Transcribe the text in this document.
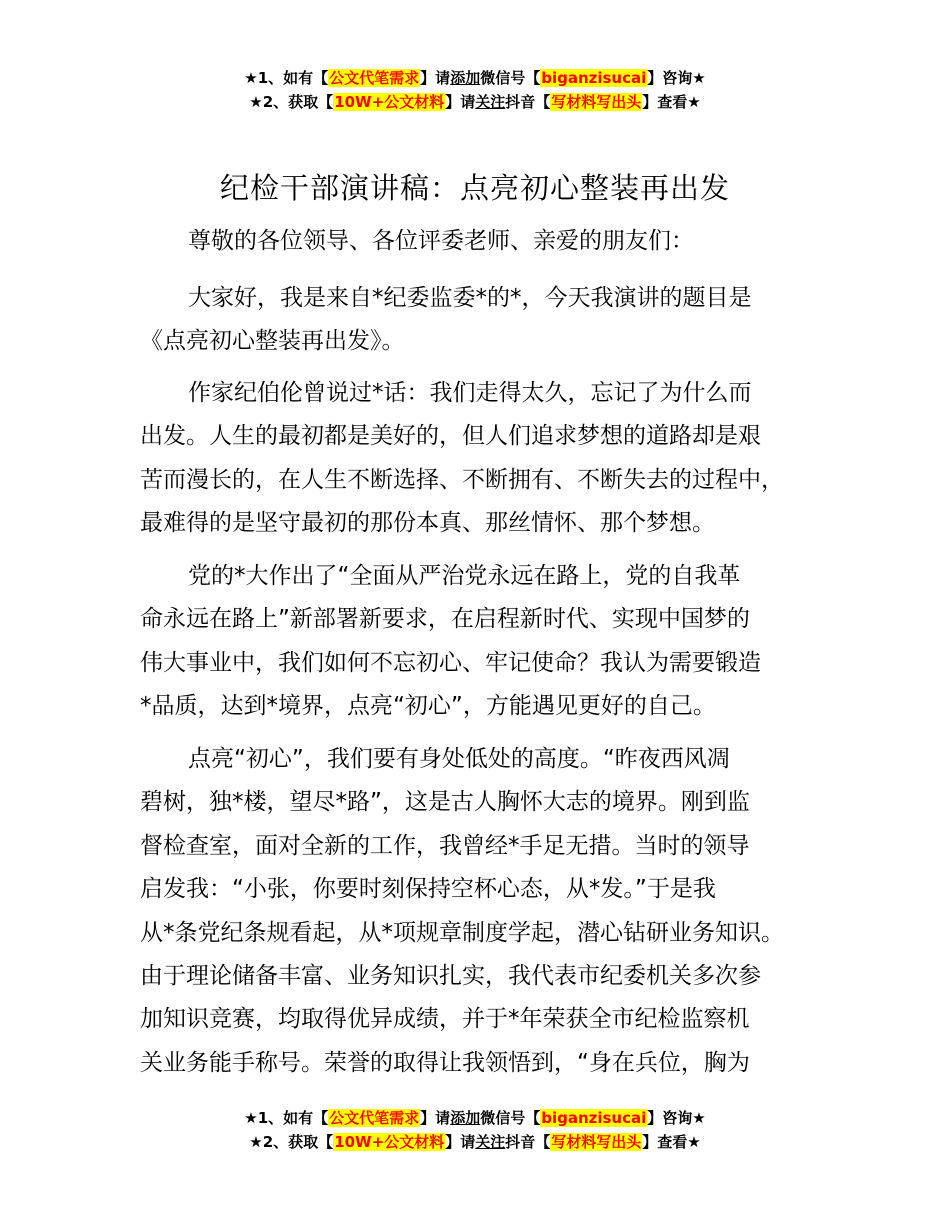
★1、如有【公文代笔需求】请添加微信号【biganzisucai】咨询★
★2、获取【10W+公文材料】请关注抖音【写材料写出头】查看★
纪检干部演讲稿：点亮初心整装再出发
尊敬的各位领导、各位评委老师、亲爱的朋友们：
大家好，我是来自*纪委监委*的*，今天我演讲的题目是
《点亮初心整装再出发》。
作家纪伯伦曾说过*话：我们走得太久，忘记了为什么而
出发。人生的最初都是美好的，但人们追求梦想的道路却是艰
苦而漫长的，在人生不断选择、不断拥有、不断失去的过程中，
最难得的是坚守最初的那份本真、那丝情怀、那个梦想。
党的*大作出了“全面从严治党永远在路上，党的自我革
命永远在路上”新部署新要求，在启程新时代、实现中国梦的
伟大事业中，我们如何不忘初心、牢记使命？我认为需要锻造
*品质，达到*境界，点亮“初心”，方能遇见更好的自己。
点亮“初心”，我们要有身处低处的高度。“昨夜西风凋
碧树，独*楼，望尽*路”，这是古人胸怀大志的境界。刚到监
督检查室，面对全新的工作，我曾经*手足无措。当时的领导
启发我：“小张，你要时刻保持空杯心态，从*发。”于是我
从*条党纪条规看起，从*项规章制度学起，潜心钻研业务知识。
由于理论储备丰富、业务知识扎实，我代表市纪委机关多次参
加知识竞赛，均取得优异成绩，并于*年荣获全市纪检监察机
关业务能手称号。荣誉的取得让我领悟到，“身在兵位，胸为
★1、如有【公文代笔需求】请添加微信号【biganzisucai】咨询★
★2、获取【10W+公文材料】请关注抖音【写材料写出头】查看★
